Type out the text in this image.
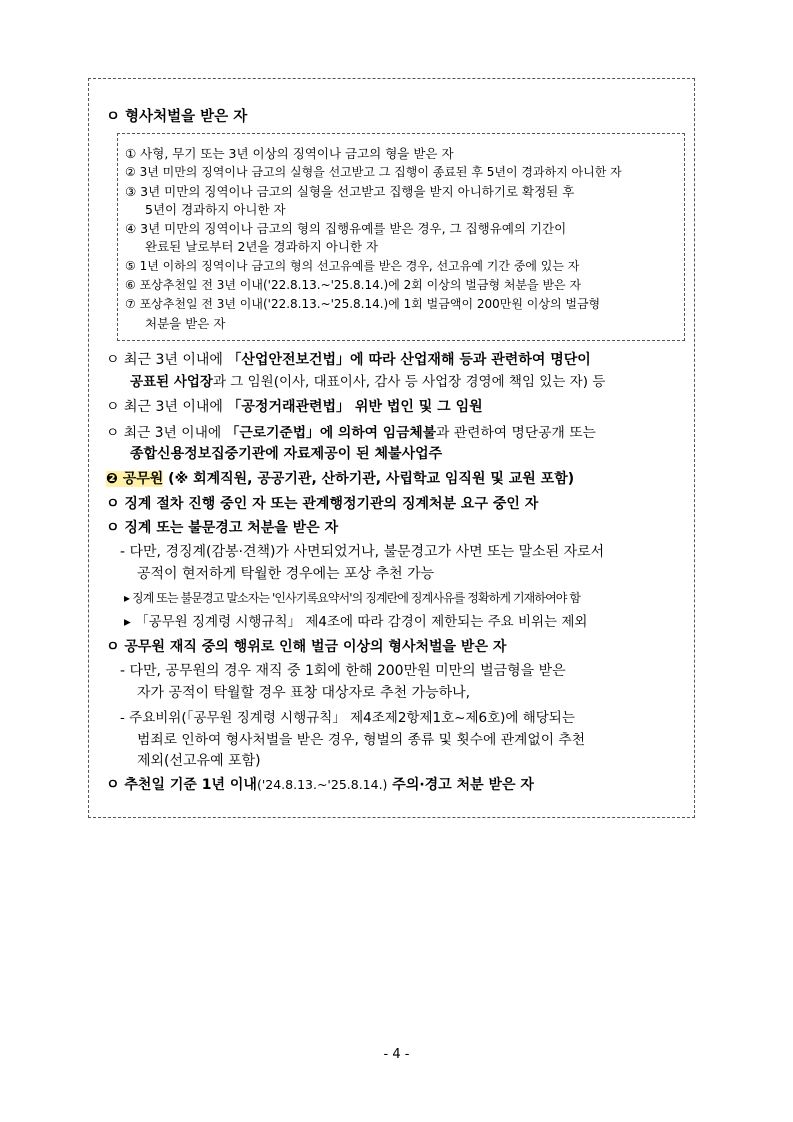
ㅇ 형사처벌을 받은 자
① 사형, 무기 또는 3년 이상의 징역이나 금고의 형을 받은 자
② 3년 미만의 징역이나 금고의 실형을 선고받고 그 집행이 종료된 후 5년이 경과하지 아니한 자
③ 3년 미만의 징역이나 금고의 실형을 선고받고 집행을 받지 아니하기로 확정된 후
5년이 경과하지 아니한 자
④ 3년 미만의 징역이나 금고의 형의 집행유예를 받은 경우, 그 집행유예의 기간이
완료된 날로부터 2년을 경과하지 아니한 자
⑤ 1년 이하의 징역이나 금고의 형의 선고유예를 받은 경우, 선고유예 기간 중에 있는 자
⑥ 포상추천일 전 3년 이내('22.8.13.~'25.8.14.)에 2회 이상의 벌금형 처분을 받은 자
⑦ 포상추천일 전 3년 이내('22.8.13.~'25.8.14.)에 1회 벌금액이 200만원 이상의 벌금형
처분을 받은 자
ㅇ 최근 3년 이내에 「산업안전보건법」에 따라 산업재해 등과 관련하여 명단이
공표된 사업장과 그 임원(이사, 대표이사, 감사 등 사업장 경영에 책임 있는 자) 등
ㅇ 최근 3년 이내에 「공정거래관련법」 위반 법인 및 그 임원
ㅇ 최근 3년 이내에 「근로기준법」에 의하여 임금체불과 관련하여 명단공개 또는
종합신용정보집중기관에 자료제공이 된 체불사업주
❷ 공무원 (※ 회계직원, 공공기관, 산하기관, 사립학교 임직원 및 교원 포함)
ㅇ 징계 절차 진행 중인 자 또는 관계행정기관의 징계처분 요구 중인 자
ㅇ 징계 또는 불문경고 처분을 받은 자
- 다만, 경징계(감봉·견책)가 사면되었거나, 불문경고가 사면 또는 말소된 자로서
공적이 현저하게 탁월한 경우에는 포상 추천 가능
▸ 징계 또는 불문경고 말소자는 '인사기록요약서'의 징계란에 징계사유를 정확하게 기재하여야 함
▸ 「공무원 징계령 시행규칙」 제4조에 따라 감경이 제한되는 주요 비위는 제외
ㅇ 공무원 재직 중의 행위로 인해 벌금 이상의 형사처벌을 받은 자
- 다만, 공무원의 경우 재직 중 1회에 한해 200만원 미만의 벌금형을 받은
자가 공적이 탁월할 경우 표창 대상자로 추천 가능하나,
- 주요비위(「공무원 징계령 시행규칙」 제4조제2항제1호~제6호)에 해당되는
범죄로 인하여 형사처벌을 받은 경우, 형벌의 종류 및 횟수에 관계없이 추천
제외(선고유예 포함)
ㅇ 추천일 기준 1년 이내('24.8.13.~'25.8.14.) 주의·경고 처분 받은 자
- 4 -
